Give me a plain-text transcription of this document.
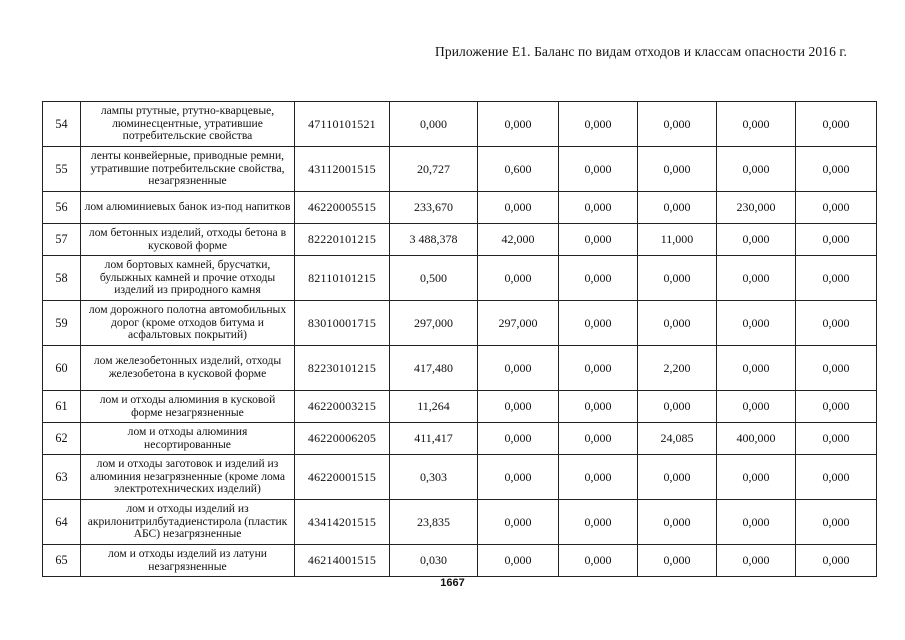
Приложение Е1. Баланс по видам отходов и классам опасности 2016 г.
54	лампы ртутные, ртутно-кварцевые, люминесцентные, утратившие потребительские свойства	47110101521	0,000	0,000	0,000	0,000	0,000	0,000
55	ленты конвейерные, приводные ремни, утратившие потребительские свойства, незагрязненные	43112001515	20,727	0,600	0,000	0,000	0,000	0,000
56	лом алюминиевых банок из-под напитков	46220005515	233,670	0,000	0,000	0,000	230,000	0,000
57	лом бетонных изделий, отходы бетона в кусковой форме	82220101215	3 488,378	42,000	0,000	11,000	0,000	0,000
58	лом бортовых камней, брусчатки, булыжных камней и прочие отходы изделий из природного камня	82110101215	0,500	0,000	0,000	0,000	0,000	0,000
59	лом дорожного полотна автомобильных дорог (кроме отходов битума и асфальтовых покрытий)	83010001715	297,000	297,000	0,000	0,000	0,000	0,000
60	лом железобетонных изделий, отходы железобетона в кусковой форме	82230101215	417,480	0,000	0,000	2,200	0,000	0,000
61	лом и отходы алюминия в кусковой форме незагрязненные	46220003215	11,264	0,000	0,000	0,000	0,000	0,000
62	лом и отходы алюминия несортированные	46220006205	411,417	0,000	0,000	24,085	400,000	0,000
63	лом и отходы заготовок и изделий из алюминия незагрязненные (кроме лома электротехнических изделий)	46220001515	0,303	0,000	0,000	0,000	0,000	0,000
64	лом и отходы изделий из акрилонитрилбутадиенстирола (пластик АБС) незагрязненные	43414201515	23,835	0,000	0,000	0,000	0,000	0,000
65	лом и отходы изделий из латуни незагрязненные	46214001515	0,030	0,000	0,000	0,000	0,000	0,000
1667
